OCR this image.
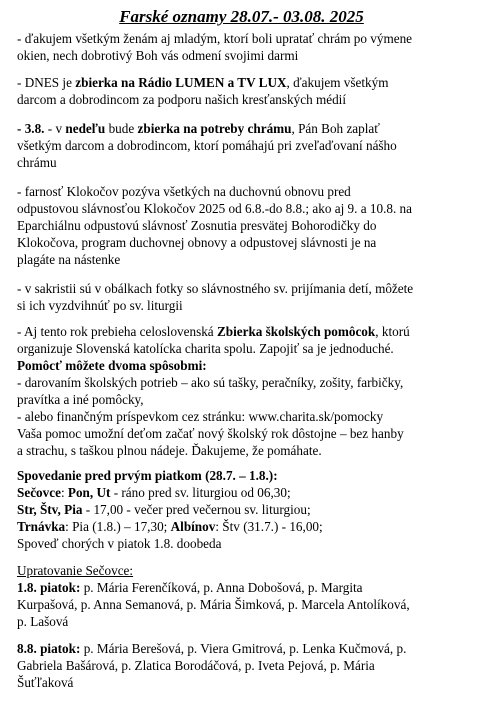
Farské oznamy 28.07.- 03.08. 2025
- ďakujem všetkým ženám aj mladým, ktorí boli upratať chrám po výmene
okien, nech dobrotivý Boh vás odmení svojimi darmi
- DNES je zbierka na Rádio LUMEN a TV LUX, ďakujem všetkým
darcom a dobrodincom za podporu našich kresťanských médií
- 3.8. - v nedeľu bude zbierka na potreby chrámu, Pán Boh zaplať
všetkým darcom a dobrodincom, ktorí pomáhajú pri zveľaďovaní nášho
chrámu
- farnosť Klokočov pozýva všetkých na duchovnú obnovu pred
odpustovou slávnosťou Klokočov 2025 od 6.8.-do 8.8.; ako aj 9. a 10.8. na
Eparchiálnu odpustovú slávnosť Zosnutia presvätej Bohorodičky do
Klokočova, program duchovnej obnovy a odpustovej slávnosti je na
plagáte na nástenke
- v sakristii sú v obálkach fotky so slávnostného sv. prijímania detí, môžete
si ich vyzdvihnúť po sv. liturgii
- Aj tento rok prebieha celoslovenská Zbierka školských pomôcok, ktorú
organizuje Slovenská katolícka charita spolu. Zapojiť sa je jednoduché.
Pomôcť môžete dvoma spôsobmi:
- darovaním školských potrieb – ako sú tašky, peračníky, zošity, farbičky,
pravítka a iné pomôcky,
- alebo finančným príspevkom cez stránku: www.charita.sk/pomocky
Vaša pomoc umožní deťom začať nový školský rok dôstojne – bez hanby
a strachu, s taškou plnou nádeje. Ďakujeme, že pomáhate.
Spovedanie pred prvým piatkom (28.7. – 1.8.):
Sečovce: Pon, Ut - ráno pred sv. liturgiou od 06,30;
Str, Štv, Pia - 17,00 - večer pred večernou sv. liturgiou;
Trnávka: Pia (1.8.) – 17,30; Albínov: Štv (31.7.) - 16,00;
Spoveď chorých v piatok 1.8. doobeda
Upratovanie Sečovce:
1.8. piatok: p. Mária Ferenčíková, p. Anna Dobošová, p. Margita
Kurpašová, p. Anna Semanová, p. Mária Šimková, p. Marcela Antolíková,
p. Lašová
8.8. piatok: p. Mária Berešová, p. Viera Gmitrová, p. Lenka Kučmová, p.
Gabriela Bašárová, p. Zlatica Borodáčová, p. Iveta Pejová, p. Mária
Šuťľaková
